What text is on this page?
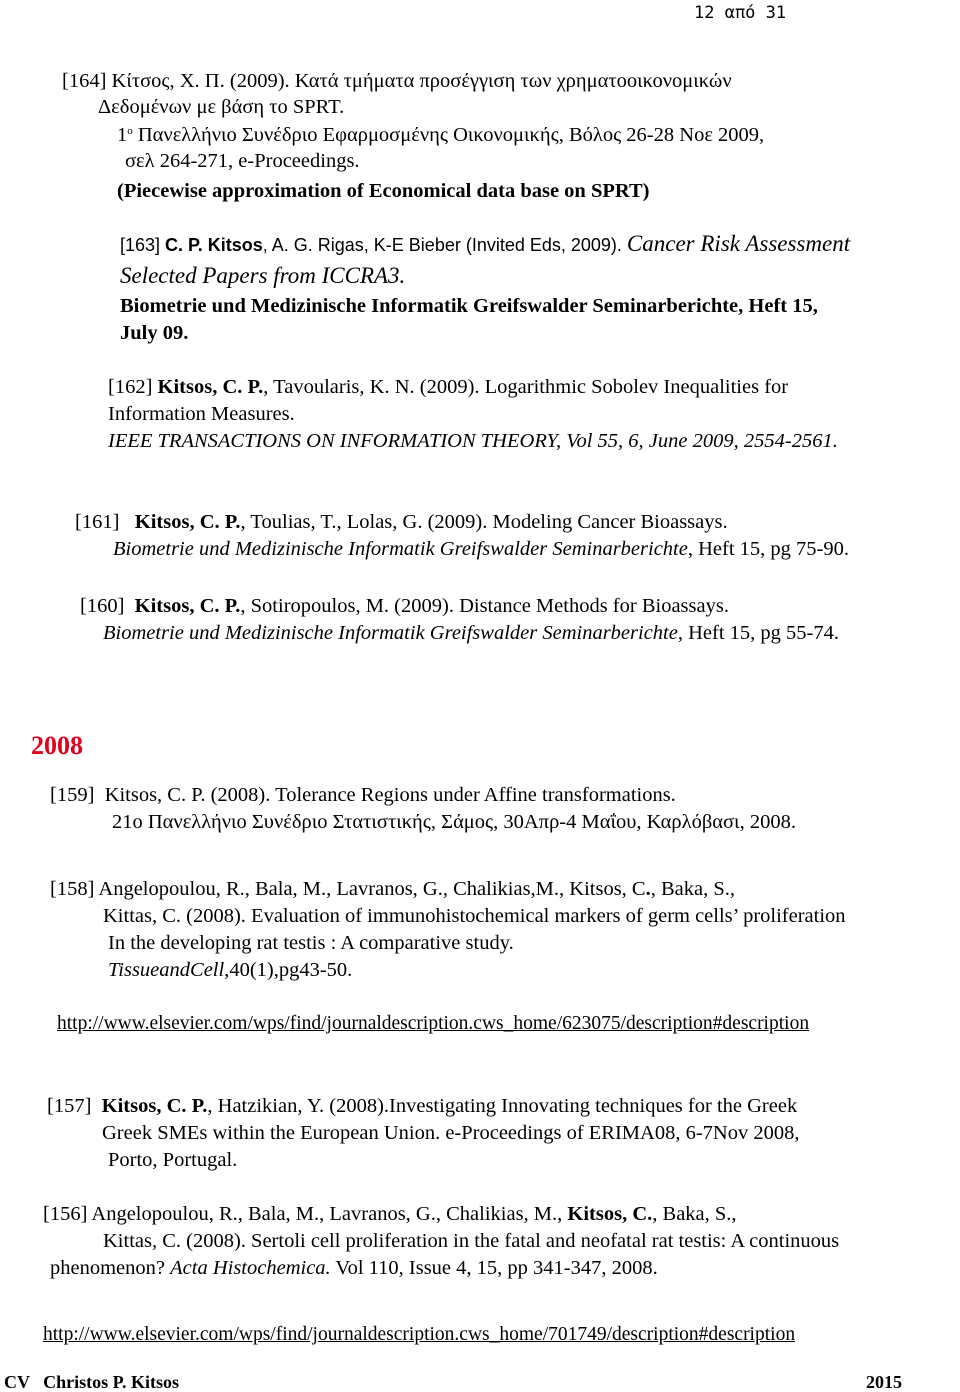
12 από 31
[164] Κίτσος, Χ. Π. (2009). Κατά τμήματα προσέγγιση των χρηματοοικονομικών
Δεδομένων με βάση το SPRT.
$1^o$ Πανελλήνιο Συνέδριο Εφαρμοσμένης Οικονομικής, Βόλος 26-28 Νοε 2009,
σελ 264-271, e-Proceedings.
(Piecewise approximation of Economical data base on SPRT)
[163] C. P. Kitsos, A. G. Rigas, K-E Bieber (Invited Eds, 2009). Cancer Risk Assessment
Selected Papers from ICCRA3.
Biometrie und Medizinische Informatik Greifswalder Seminarberichte, Heft 15,
July 09.
[162] Kitsos, C. P., Tavoularis, K. N. (2009). Logarithmic Sobolev Inequalities for
Information Measures.
IEEE TRANSACTIONS ON INFORMATION THEORY, Vol 55, 6, June 2009, 2554-2561.
[161]   Kitsos, C. P., Toulias, T., Lolas, G. (2009). Modeling Cancer Bioassays.
Biometrie und Medizinische Informatik Greifswalder Seminarberichte, Heft 15, pg 75-90.
[160]  Kitsos, C. P., Sotiropoulos, M. (2009). Distance Methods for Bioassays.
Biometrie und Medizinische Informatik Greifswalder Seminarberichte, Heft 15, pg 55-74.
2008
[159]  Kitsos, C. P. (2008). Tolerance Regions under Affine transformations.
21ο Πανελλήνιο Συνέδριο Στατιστικής, Σάμος, 30Απρ-4 Μαΐου, Καρλόβασι, 2008.
[158] Angelopoulou, R., Bala, M., Lavranos, G., Chalikias,M., Kitsos, C., Baka, S.,
Kittas, C. (2008). Evaluation of immunohistochemical markers of germ cells’ proliferation
In the developing rat testis : A comparative study.
TissueandCell,40(1),pg43-50.
http://www.elsevier.com/wps/find/journaldescription.cws_home/623075/description#description
[157]  Kitsos, C. P., Hatzikian, Y. (2008).Investigating Innovating techniques for the Greek
Greek SMEs within the European Union. e-Proceedings of ERIMA08, 6-7Nov 2008,
Porto, Portugal.
[156] Angelopoulou, R., Bala, M., Lavranos, G., Chalikias, M., Kitsos, C., Baka, S.,
Kittas, C. (2008). Sertoli cell proliferation in the fatal and neofatal rat testis: A continuous
phenomenon? Acta Histochemica. Vol 110, Issue 4, 15, pp 341-347, 2008.
http://www.elsevier.com/wps/find/journaldescription.cws_home/701749/description#description
CV   Christos P. Kitsos	2015
